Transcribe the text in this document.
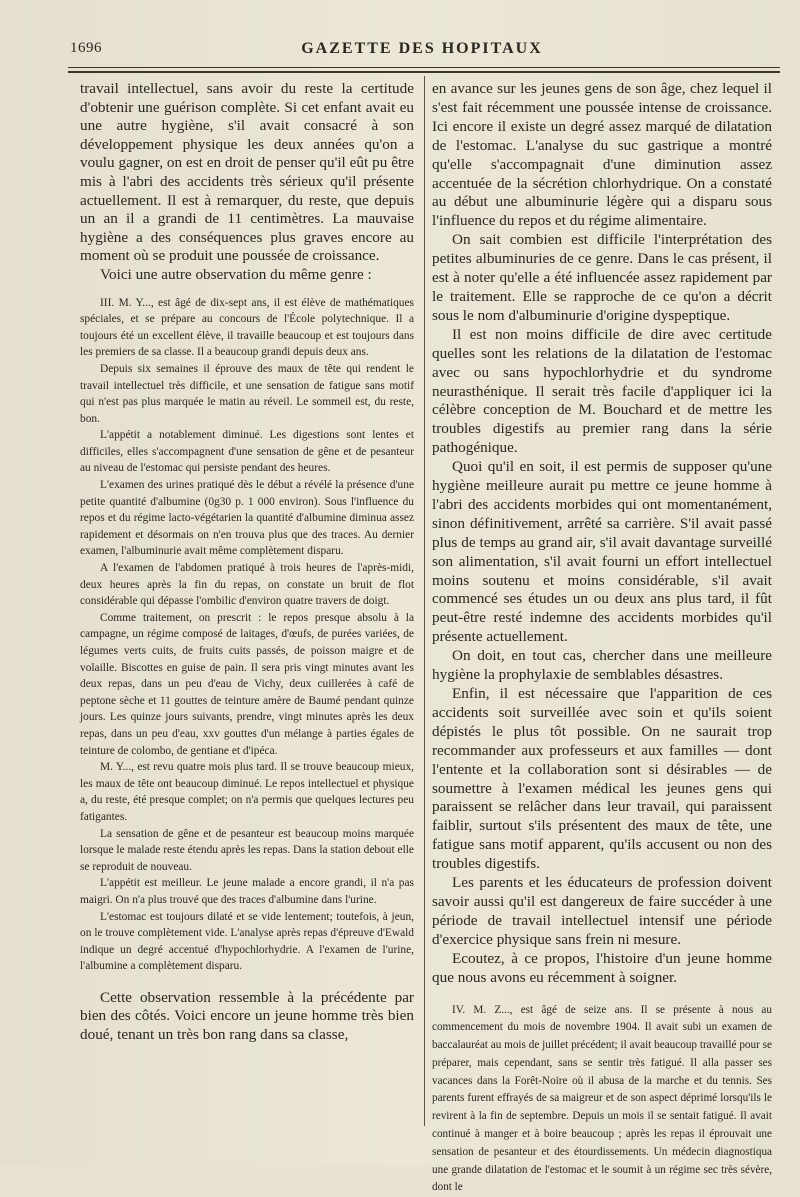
1696	GAZETTE DES HOPITAUX

travail intellectuel, sans avoir du reste la certitude d'obtenir une guérison complète. Si cet enfant avait eu une autre hygiène, s'il avait consacré à son développement physique les deux années qu'on a voulu gagner, on est en droit de penser qu'il eût pu être mis à l'abri des accidents très sérieux qu'il présente actuellement. Il est à remarquer, du reste, que depuis un an il a grandi de 11 centimètres. La mauvaise hygiène a des conséquences plus graves encore au moment où se produit une poussée de croissance.

Voici une autre observation du même genre :

III. M. Y..., est âgé de dix-sept ans, il est élève de mathématiques spéciales, et se prépare au concours de l'École polytechnique. Il a toujours été un excellent élève, il travaille beaucoup et est toujours dans les premiers de sa classe. Il a beaucoup grandi depuis deux ans.

Depuis six semaines il éprouve des maux de tête qui rendent le travail intellectuel très difficile, et une sensation de fatigue sans motif qui n'est pas plus marquée le matin au réveil. Le sommeil est, du reste, bon.

L'appétit a notablement diminué. Les digestions sont lentes et difficiles, elles s'accompagnent d'une sensation de gêne et de pesanteur au niveau de l'estomac qui persiste pendant des heures.

L'examen des urines pratiqué dès le début a révélé la présence d'une petite quantité d'albumine (0g30 p. 1 000 environ). Sous l'influence du repos et du régime lacto-végétarien la quantité d'albumine diminua assez rapidement et désormais on n'en trouva plus que des traces. Au dernier examen, l'albuminurie avait même complètement disparu.

A l'examen de l'abdomen pratiqué à trois heures de l'après-midi, deux heures après la fin du repas, on constate un bruit de flot considérable qui dépasse l'ombilic d'environ quatre travers de doigt.

Comme traitement, on prescrit : le repos presque absolu à la campagne, un régime composé de laitages, d'œufs, de purées variées, de légumes verts cuits, de fruits cuits passés, de poisson maigre et de volaille. Biscottes en guise de pain. Il sera pris vingt minutes avant les deux repas, dans un peu d'eau de Vichy, deux cuillerées à café de peptone sèche et 11 gouttes de teinture amère de Baumé pendant quinze jours. Les quinze jours suivants, prendre, vingt minutes après les deux repas, dans un peu d'eau, xxv gouttes d'un mélange à parties égales de teinture de colombo, de gentiane et d'ipéca.

M. Y..., est revu quatre mois plus tard. Il se trouve beaucoup mieux, les maux de tête ont beaucoup diminué. Le repos intellectuel et physique a, du reste, été presque complet; on n'a permis que quelques lectures peu fatigantes.

La sensation de gêne et de pesanteur est beaucoup moins marquée lorsque le malade reste étendu après les repas. Dans la station debout elle se reproduit de nouveau.

L'appétit est meilleur. Le jeune malade a encore grandi, il n'a pas maigri. On n'a plus trouvé que des traces d'albumine dans l'urine.

L'estomac est toujours dilaté et se vide lentement; toutefois, à jeun, on le trouve complètement vide. L'analyse après repas d'épreuve d'Ewald indique un degré accentué d'hypochlorhydrie. A l'examen de l'urine, l'albumine a complètement disparu.

Cette observation ressemble à la précédente par bien des côtés. Voici encore un jeune homme très bien doué, tenant un très bon rang dans sa classe,

en avance sur les jeunes gens de son âge, chez lequel il s'est fait récemment une poussée intense de croissance. Ici encore il existe un degré assez marqué de dilatation de l'estomac. L'analyse du suc gastrique a montré qu'elle s'accompagnait d'une diminution assez accentuée de la sécrétion chlorhydrique. On a constaté au début une albuminurie légère qui a disparu sous l'influence du repos et du régime alimentaire.

On sait combien est difficile l'interprétation des petites albuminuries de ce genre. Dans le cas présent, il est à noter qu'elle a été influencée assez rapidement par le traitement. Elle se rapproche de ce qu'on a décrit sous le nom d'albuminurie d'origine dyspeptique.

Il est non moins difficile de dire avec certitude quelles sont les relations de la dilatation de l'estomac avec ou sans hypochlorhydrie et du syndrome neurasthénique. Il serait très facile d'appliquer ici la célèbre conception de M. Bouchard et de mettre les troubles digestifs au premier rang dans la série pathogénique.

Quoi qu'il en soit, il est permis de supposer qu'une hygiène meilleure aurait pu mettre ce jeune homme à l'abri des accidents morbides qui ont momentanément, sinon définitivement, arrêté sa carrière. S'il avait passé plus de temps au grand air, s'il avait davantage surveillé son alimentation, s'il avait fourni un effort intellectuel moins soutenu et moins considérable, s'il avait commencé ses études un ou deux ans plus tard, il fût peut-être resté indemne des accidents morbides qu'il présente actuellement.

On doit, en tout cas, chercher dans une meilleure hygiène la prophylaxie de semblables désastres.

Enfin, il est nécessaire que l'apparition de ces accidents soit surveillée avec soin et qu'ils soient dépistés le plus tôt possible. On ne saurait trop recommander aux professeurs et aux familles — dont l'entente et la collaboration sont si désirables — de soumettre à l'examen médical les jeunes gens qui paraissent se relâcher dans leur travail, qui paraissent faiblir, surtout s'ils présentent des maux de tête, une fatigue sans motif apparent, qu'ils accusent ou non des troubles digestifs.

Les parents et les éducateurs de profession doivent savoir aussi qu'il est dangereux de faire succéder à une période de travail intellectuel intensif une période d'exercice physique sans frein ni mesure.

Ecoutez, à ce propos, l'histoire d'un jeune homme que nous avons eu récemment à soigner.

IV. M. Z..., est âgé de seize ans. Il se présente à nous au commencement du mois de novembre 1904. Il avait subi un examen de baccalauréat au mois de juillet précédent; il avait beaucoup travaillé pour se préparer, mais cependant, sans se sentir très fatigué. Il alla passer ses vacances dans la Forêt-Noire où il abusa de la marche et du tennis. Ses parents furent effrayés de sa maigreur et de son aspect déprimé lorsqu'ils le revirent à la fin de septembre. Depuis un mois il se sentait fatigué. Il avait continué à manger et à boire beaucoup ; après les repas il éprouvait une sensation de pesanteur et des étourdissements. Un médecin diagnostiqua une grande dilatation de l'estomac et le soumit à un régime sec très sévère, dont le
